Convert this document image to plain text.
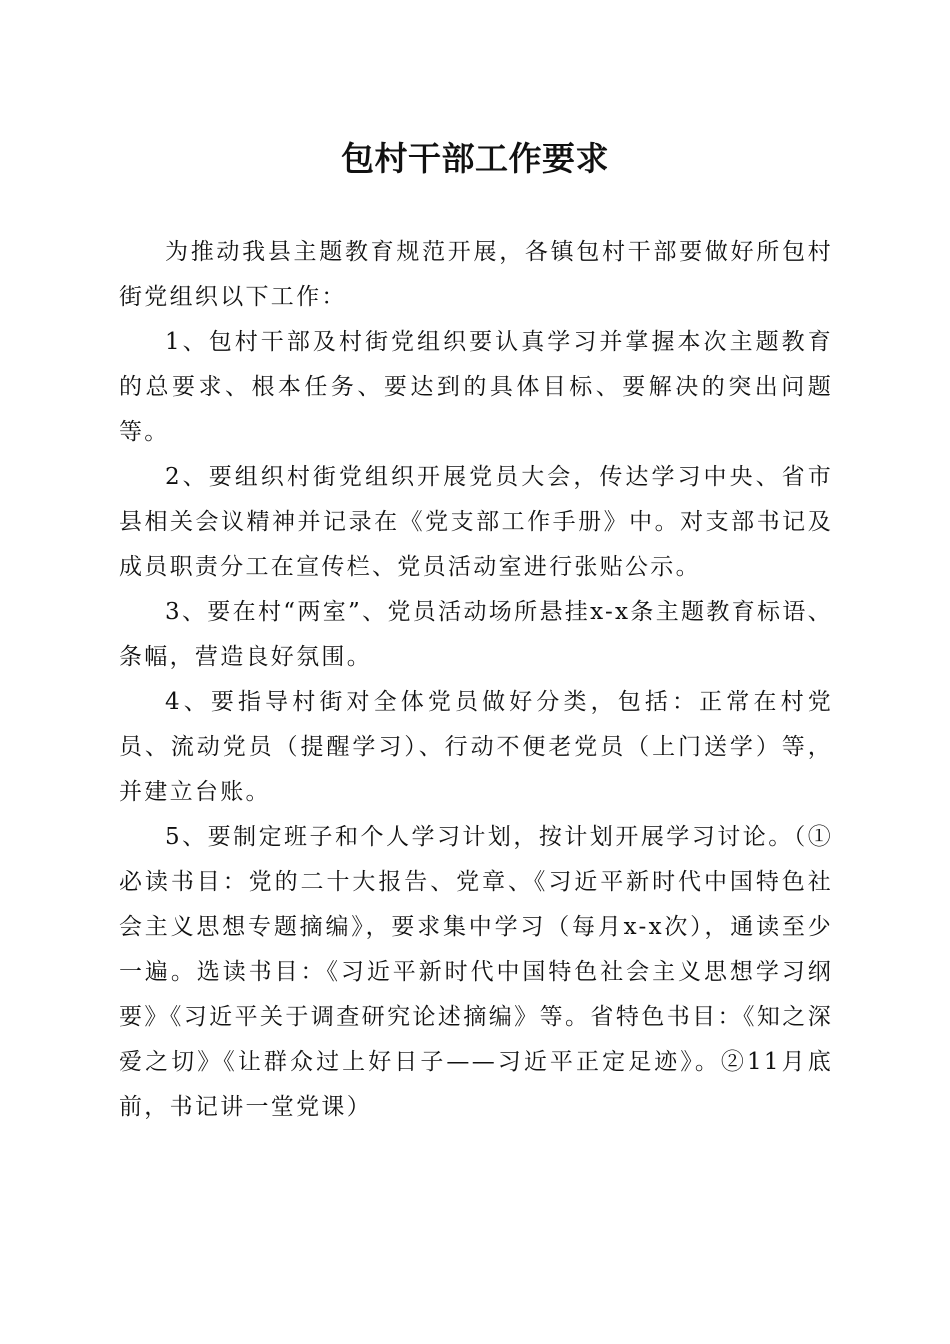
包村干部工作要求

为推动我县主题教育规范开展，各镇包村干部要做好所包村街党组织以下工作：

1、包村干部及村街党组织要认真学习并掌握本次主题教育的总要求、根本任务、要达到的具体目标、要解决的突出问题等。

2、要组织村街党组织开展党员大会，传达学习中央、省市县相关会议精神并记录在《党支部工作手册》中。对支部书记及成员职责分工在宣传栏、党员活动室进行张贴公示。

3、要在村“两室”、党员活动场所悬挂x-x条主题教育标语、条幅，营造良好氛围。

4、要指导村街对全体党员做好分类，包括：正常在村党员、流动党员（提醒学习）、行动不便老党员（上门送学）等，并建立台账。

5、要制定班子和个人学习计划，按计划开展学习讨论。（①必读书目：党的二十大报告、党章、《习近平新时代中国特色社会主义思想专题摘编》，要求集中学习（每月x-x次），通读至少一遍。选读书目：《习近平新时代中国特色社会主义思想学习纲要》《习近平关于调查研究论述摘编》等。省特色书目：《知之深爱之切》《让群众过上好日子——习近平正定足迹》。②11月底前，书记讲一堂党课）
